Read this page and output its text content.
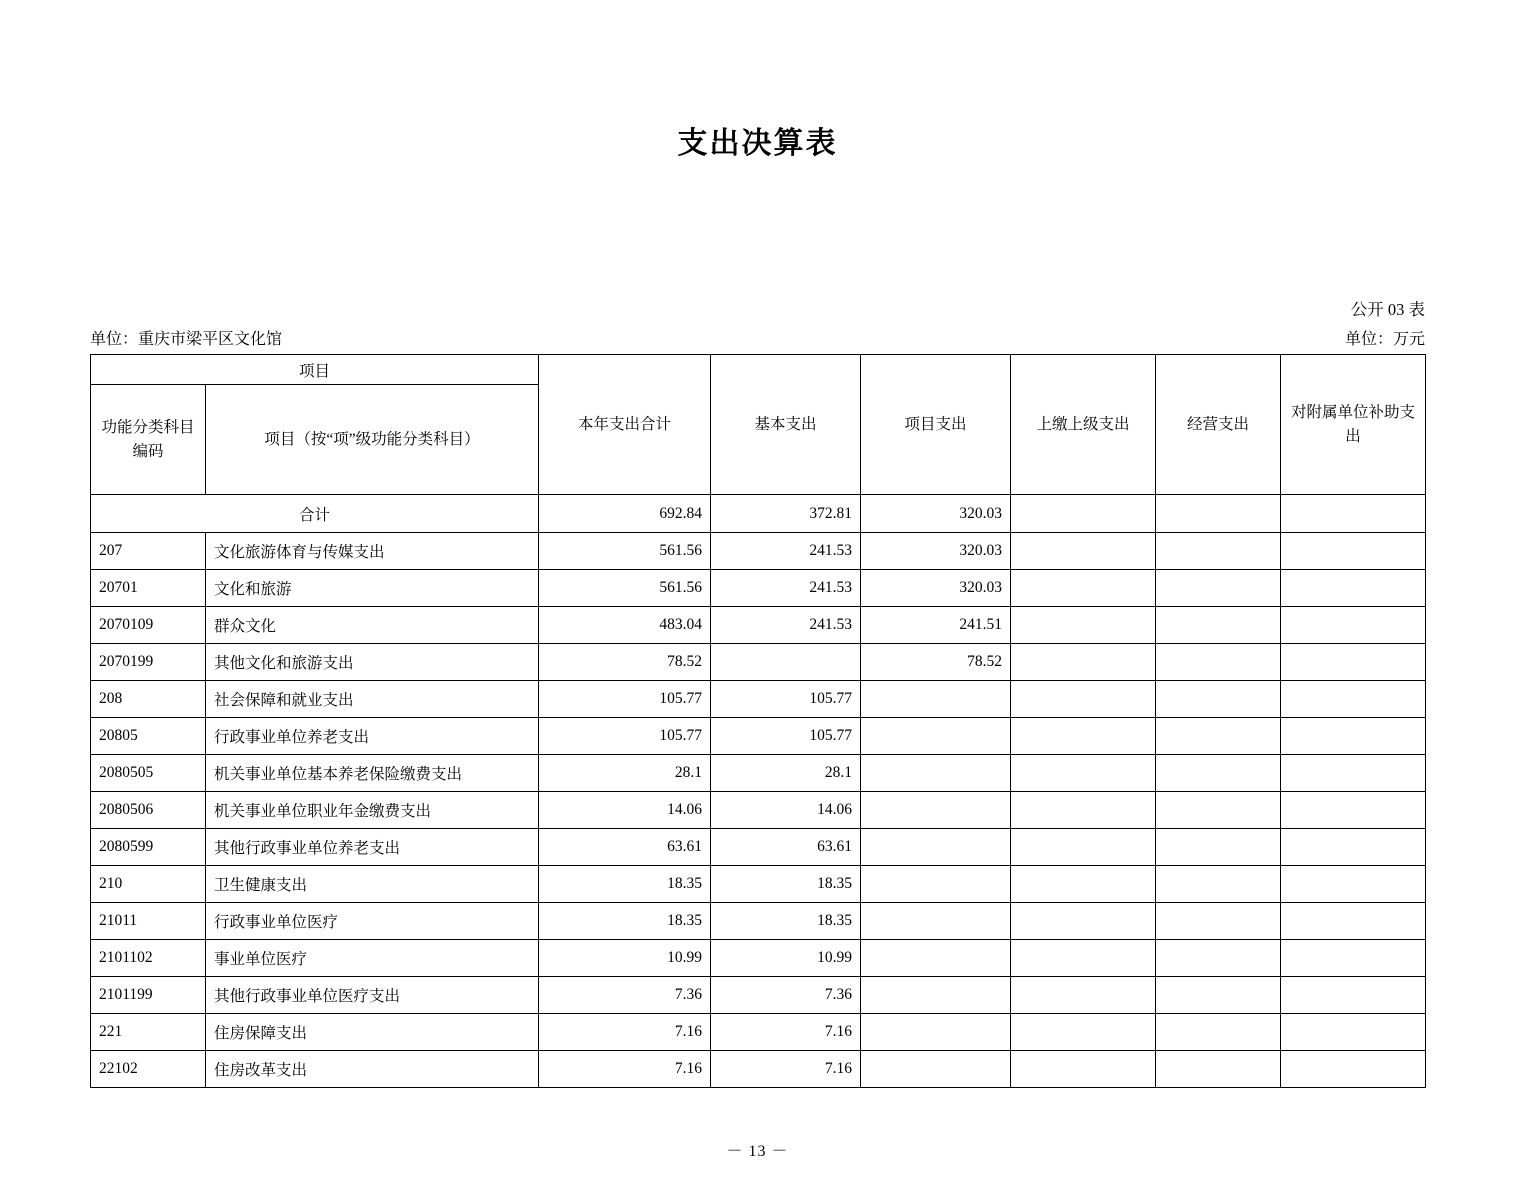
支出决算表
公开 03 表
单位：重庆市梁平区文化馆	单位：万元
项目		本年支出合计	基本支出	项目支出	上缴上级支出	经营支出	对附属单位补助支出
功能分类科目编码	项目（按“项”级功能分类科目）						
合计		692.84	372.81	320.03			
207	文化旅游体育与传媒支出	561.56	241.53	320.03			
20701	文化和旅游	561.56	241.53	320.03			
2070109	群众文化	483.04	241.53	241.51			
2070199	其他文化和旅游支出	78.52		78.52			
208	社会保障和就业支出	105.77	105.77				
20805	行政事业单位养老支出	105.77	105.77				
2080505	机关事业单位基本养老保险缴费支出	28.1	28.1				
2080506	机关事业单位职业年金缴费支出	14.06	14.06				
2080599	其他行政事业单位养老支出	63.61	63.61				
210	卫生健康支出	18.35	18.35				
21011	行政事业单位医疗	18.35	18.35				
2101102	事业单位医疗	10.99	10.99				
2101199	其他行政事业单位医疗支出	7.36	7.36				
221	住房保障支出	7.16	7.16				
22102	住房改革支出	7.16	7.16				
－ 13 －
